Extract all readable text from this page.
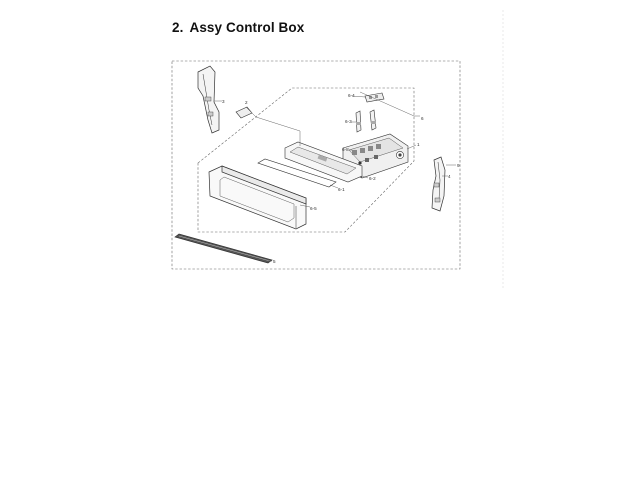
2. Assy Control Box
3	2
1
6
6-4
6-3
6-8
6-2
6-1
6-5
4
9
5
